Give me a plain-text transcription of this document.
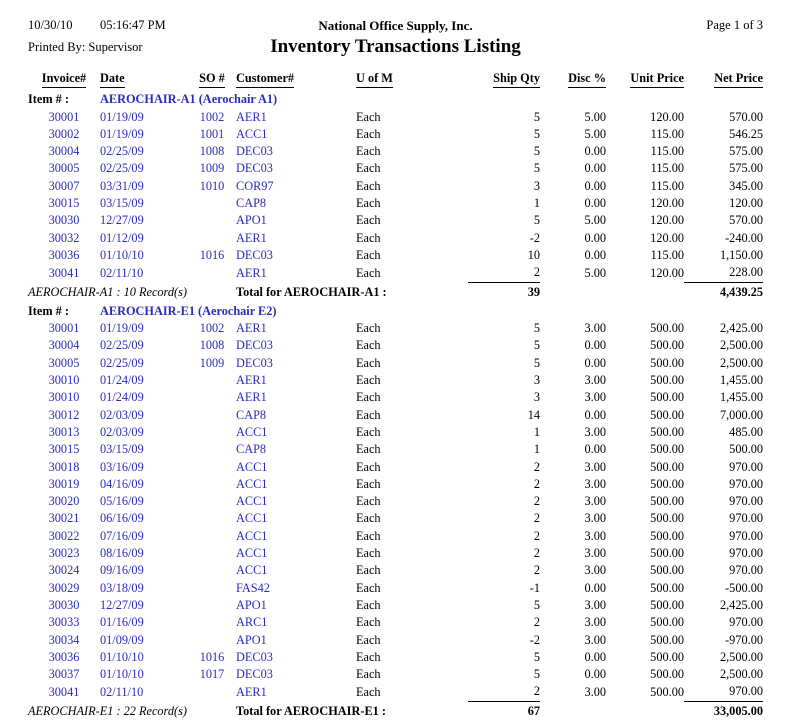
10/30/10 05:16:47 PM	National Office Supply, Inc.	Page 1 of 3
Printed By: Supervisor	Inventory Transactions Listing
Invoice#	Date	SO #	Customer#	U of M	Ship Qty	Disc %	Unit Price	Net Price
Item # :	AEROCHAIR-A1 (Aerochair A1)							
30001	01/19/09	1002	AER1	Each	5	5.00	120.00	570.00
30002	01/19/09	1001	ACC1	Each	5	5.00	115.00	546.25
30004	02/25/09	1008	DEC03	Each	5	0.00	115.00	575.00
30005	02/25/09	1009	DEC03	Each	5	0.00	115.00	575.00
30007	03/31/09	1010	COR97	Each	3	0.00	115.00	345.00
30015	03/15/09		CAP8	Each	1	0.00	120.00	120.00
30030	12/27/09		APO1	Each	5	5.00	120.00	570.00
30032	01/12/09		AER1	Each	-2	0.00	120.00	-240.00
30036	01/10/10	1016	DEC03	Each	10	0.00	115.00	1,150.00
30041	02/11/10		AER1	Each	2	5.00	120.00	228.00
AEROCHAIR-A1 : 10 Record(s)			Total for AEROCHAIR-A1 :		39			4,439.25
Item # :	AEROCHAIR-E1 (Aerochair E2)							
30001	01/19/09	1002	AER1	Each	5	3.00	500.00	2,425.00
30004	02/25/09	1008	DEC03	Each	5	0.00	500.00	2,500.00
30005	02/25/09	1009	DEC03	Each	5	0.00	500.00	2,500.00
30010	01/24/09		AER1	Each	3	3.00	500.00	1,455.00
30010	01/24/09		AER1	Each	3	3.00	500.00	1,455.00
30012	02/03/09		CAP8	Each	14	0.00	500.00	7,000.00
30013	02/03/09		ACC1	Each	1	3.00	500.00	485.00
30015	03/15/09		CAP8	Each	1	0.00	500.00	500.00
30018	03/16/09		ACC1	Each	2	3.00	500.00	970.00
30019	04/16/09		ACC1	Each	2	3.00	500.00	970.00
30020	05/16/09		ACC1	Each	2	3.00	500.00	970.00
30021	06/16/09		ACC1	Each	2	3.00	500.00	970.00
30022	07/16/09		ACC1	Each	2	3.00	500.00	970.00
30023	08/16/09		ACC1	Each	2	3.00	500.00	970.00
30024	09/16/09		ACC1	Each	2	3.00	500.00	970.00
30029	03/18/09		FAS42	Each	-1	0.00	500.00	-500.00
30030	12/27/09		APO1	Each	5	3.00	500.00	2,425.00
30033	01/16/09		ARC1	Each	2	3.00	500.00	970.00
30034	01/09/09		APO1	Each	-2	3.00	500.00	-970.00
30036	01/10/10	1016	DEC03	Each	5	0.00	500.00	2,500.00
30037	01/10/10	1017	DEC03	Each	5	0.00	500.00	2,500.00
30041	02/11/10		AER1	Each	2	3.00	500.00	970.00
AEROCHAIR-E1 : 22 Record(s)			Total for AEROCHAIR-E1 :		67			33,005.00
